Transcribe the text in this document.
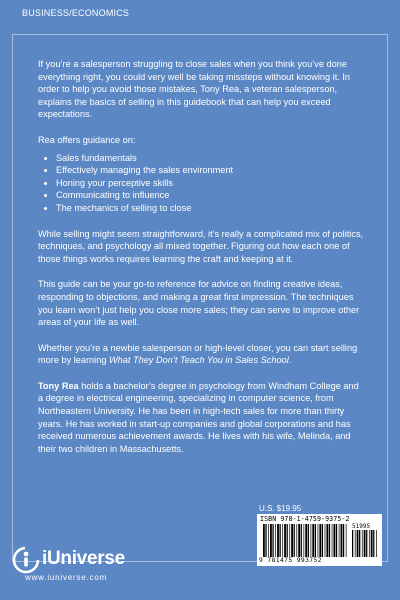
BUSINESS/ECONOMICS

If you’re a salesperson struggling to close sales when you think you’ve done everything right, you could very well be taking missteps without knowing it. In order to help you avoid those mistakes, Tony Rea, a veteran salesperson, explains the basics of selling in this guidebook that can help you exceed expectations.

Rea offers guidance on:

• Sales fundamentals
• Effectively managing the sales environment
• Honing your perceptive skills
• Communicating to influence
• The mechanics of selling to close

While selling might seem straightforward, it’s really a complicated mix of politics, techniques, and psychology all mixed together. Figuring out how each one of those things works requires learning the craft and keeping at it.

This guide can be your go-to reference for advice on finding creative ideas, responding to objections, and making a great first impression. The techniques you learn won’t just help you close more sales; they can serve to improve other areas of your life as well.

Whether you’re a newbie salesperson or high-level closer, you can start selling more by learning What They Don’t Teach You in Sales School.

Tony Rea holds a bachelor’s degree in psychology from Windham College and a degree in electrical engineering, specializing in computer science, from Northeastern University. He has been in high-tech sales for more than thirty years. He has worked in start-up companies and global corporations and has received numerous achievement awards. He lives with his wife, Melinda, and their two children in Massachusetts.

U.S. $19.95
ISBN 978-1-4759-9375-2
51995
9 781475 993752
iUniverse
www.iuniverse.com
